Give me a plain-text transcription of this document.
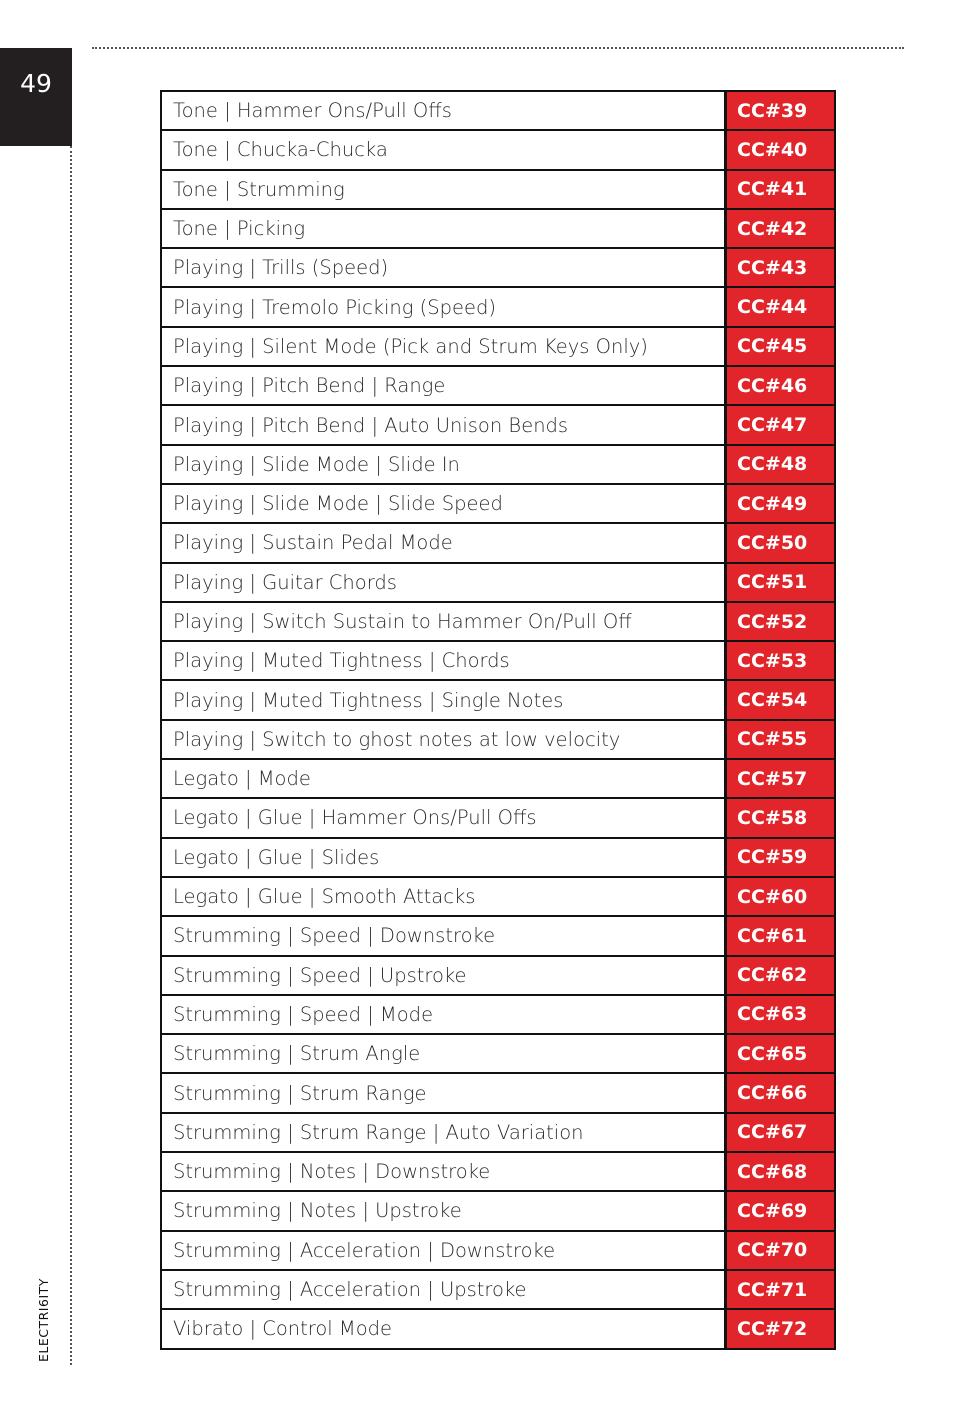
49
ELECTRI6ITY
Tone | Hammer Ons/Pull Offs	CC#39
Tone | Chucka-Chucka	CC#40
Tone | Strumming	CC#41
Tone | Picking	CC#42
Playing | Trills (Speed)	CC#43
Playing | Tremolo Picking (Speed)	CC#44
Playing | Silent Mode (Pick and Strum Keys Only)	CC#45
Playing | Pitch Bend | Range	CC#46
Playing | Pitch Bend | Auto Unison Bends	CC#47
Playing | Slide Mode | Slide In	CC#48
Playing | Slide Mode | Slide Speed	CC#49
Playing | Sustain Pedal Mode	CC#50
Playing | Guitar Chords	CC#51
Playing | Switch Sustain to Hammer On/Pull Off	CC#52
Playing | Muted Tightness | Chords	CC#53
Playing | Muted Tightness | Single Notes	CC#54
Playing | Switch to ghost notes at low velocity	CC#55
Legato | Mode	CC#57
Legato | Glue | Hammer Ons/Pull Offs	CC#58
Legato | Glue | Slides	CC#59
Legato | Glue | Smooth Attacks	CC#60
Strumming | Speed | Downstroke	CC#61
Strumming | Speed | Upstroke	CC#62
Strumming | Speed | Mode	CC#63
Strumming | Strum Angle	CC#65
Strumming | Strum Range	CC#66
Strumming | Strum Range | Auto Variation	CC#67
Strumming | Notes | Downstroke	CC#68
Strumming | Notes | Upstroke	CC#69
Strumming | Acceleration | Downstroke	CC#70
Strumming | Acceleration | Upstroke	CC#71
Vibrato | Control Mode	CC#72
